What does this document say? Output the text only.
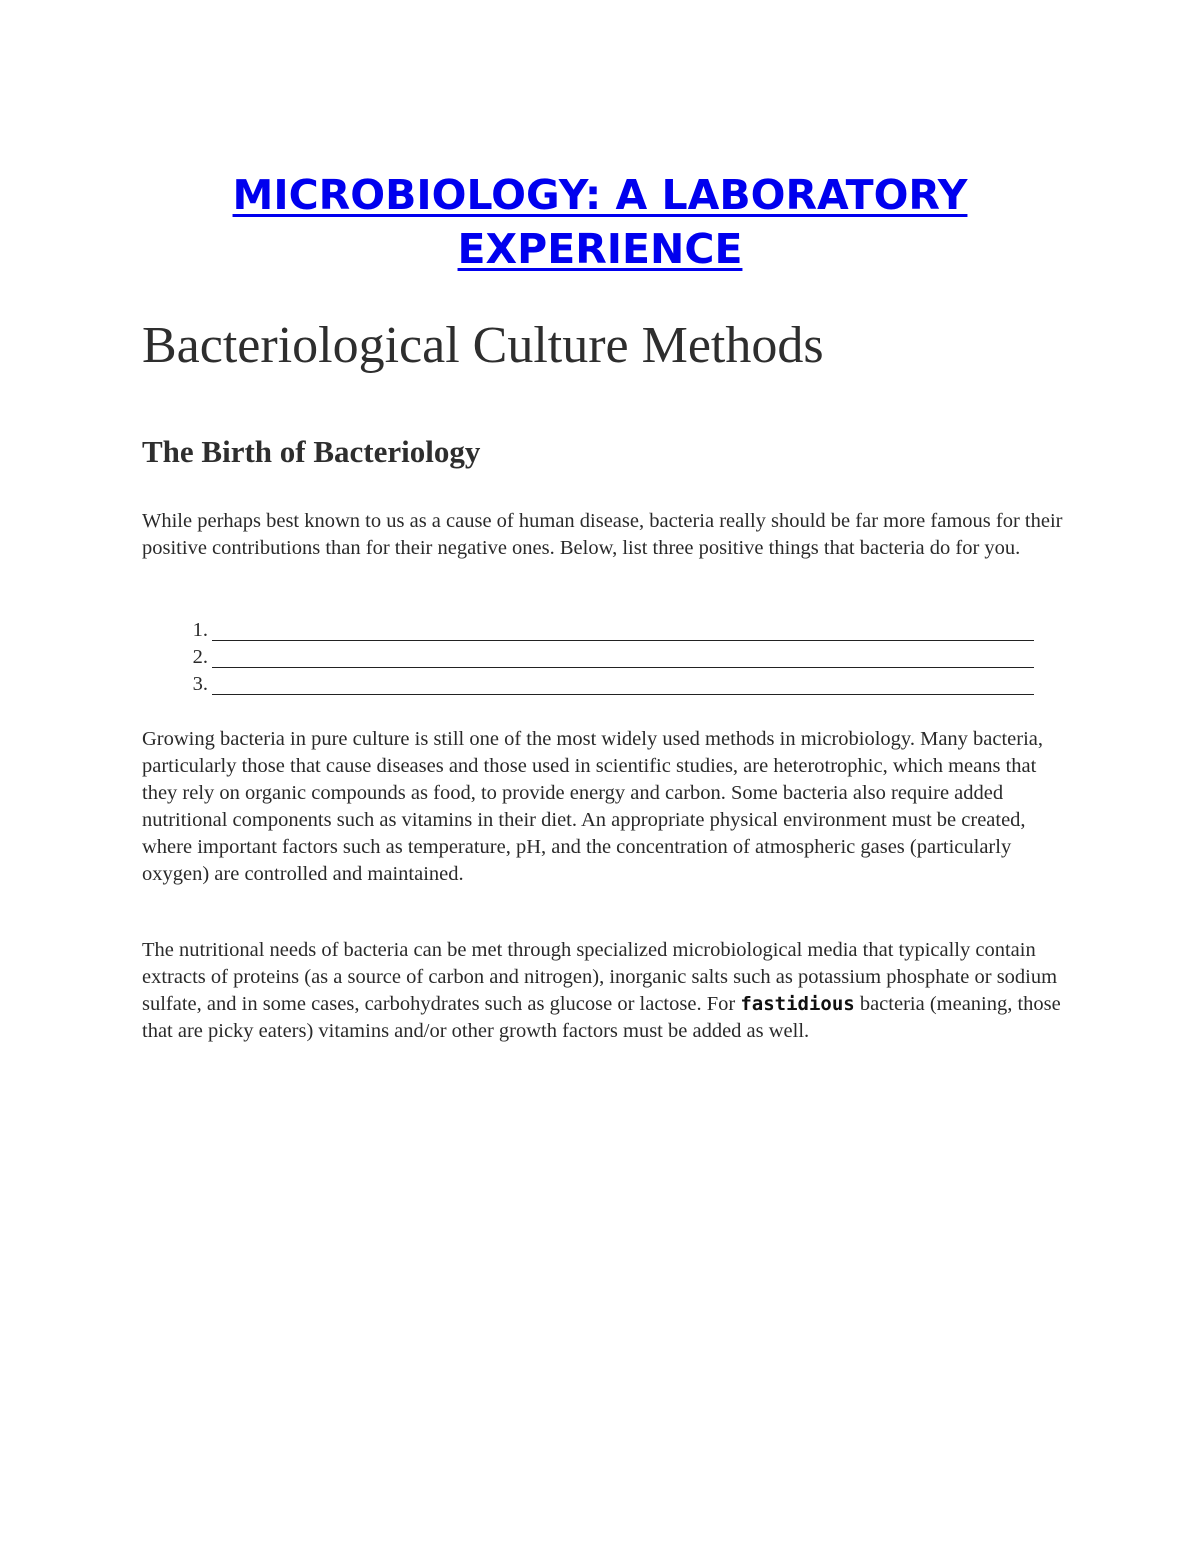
MICROBIOLOGY: A LABORATORY EXPERIENCE
Bacteriological Culture Methods
The Birth of Bacteriology

While perhaps best known to us as a cause of human disease, bacteria really should be far more famous for their positive contributions than for their negative ones. Below, list three positive things that bacteria do for you.

1.
2.
3.

Growing bacteria in pure culture is still one of the most widely used methods in microbiology. Many bacteria, particularly those that cause diseases and those used in scientific studies, are heterotrophic, which means that they rely on organic compounds as food, to provide energy and carbon. Some bacteria also require added nutritional components such as vitamins in their diet. An appropriate physical environment must be created, where important factors such as temperature, pH, and the concentration of atmospheric gases (particularly oxygen) are controlled and maintained.

The nutritional needs of bacteria can be met through specialized microbiological media that typically contain extracts of proteins (as a source of carbon and nitrogen), inorganic salts such as potassium phosphate or sodium sulfate, and in some cases, carbohydrates such as glucose or lactose. For fastidious bacteria (meaning, those that are picky eaters) vitamins and/or other growth factors must be added as well.
